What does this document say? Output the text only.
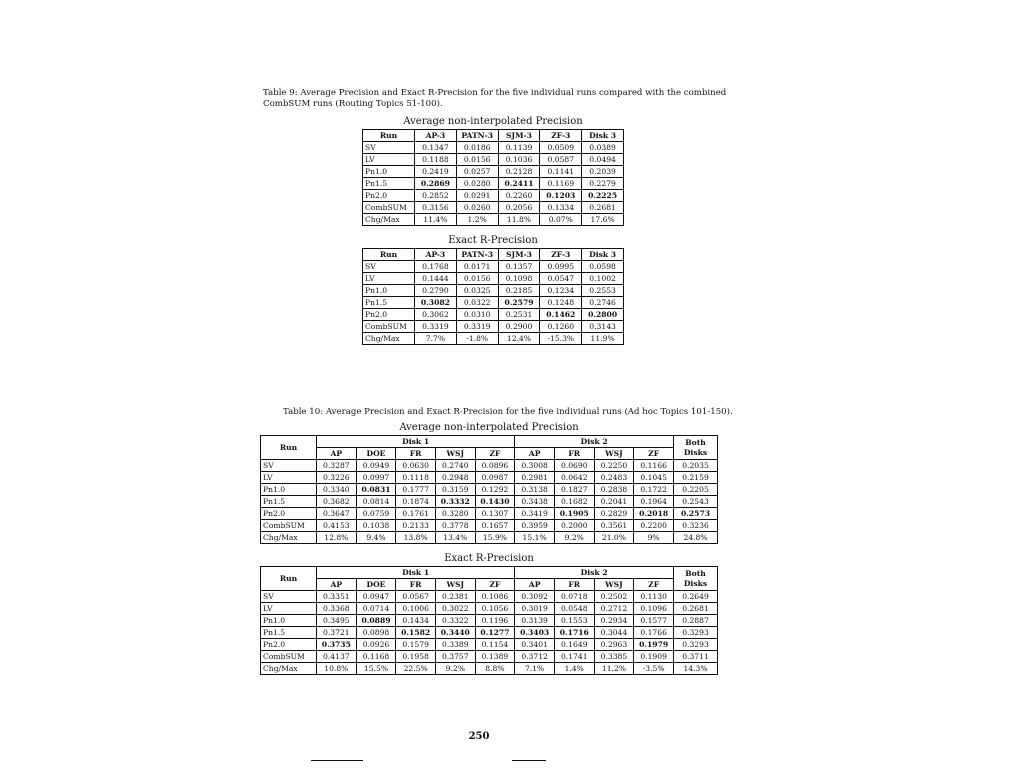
Table 9: Average Precision and Exact R-Precision for the five individual runs compared with the combined CombSUM runs (Routing Topics 51-100).
Average non-interpolated Precision
Run	AP-3	PATN-3	SJM-3	ZF-3	Disk 3
SV	0.1347	0.0186	0.1139	0.0509	0.0389
LV	0.1188	0.0156	0.1036	0.0587	0.0494
Pn1.0	0.2419	0.0257	0.2128	0.1141	0.2039
Pn1.5	0.2869	0.0280	0.2411	0.1169	0.2279
Pn2.0	0.2852	0.0291	0.2260	0.1203	0.2225
CombSUM	0.3156	0.0260	0.2056	0.1334	0.2681
Chg/Max	11.4%	1.2%	11.8%	0.07%	17.6%
Exact R-Precision
Run	AP-3	PATN-3	SJM-3	ZF-3	Disk 3
SV	0.1768	0.0171	0.1357	0.0995	0.0598
LV	0.1444	0.0156	0.1098	0.0547	0.1002
Pn1.0	0.2790	0.0325	0.2185	0.1234	0.2553
Pn1.5	0.3082	0.0322	0.2579	0.1248	0.2746
Pn2.0	0.3062	0.0310	0.2531	0.1462	0.2800
CombSUM	0.3319	0.3319	0.2900	0.1260	0.3143
Chg/Max	7.7%	-1.8%	12.4%	-15.3%	11.9%
Table 10: Average Precision and Exact R-Precision for the five individual runs (Ad hoc Topics 101-150).
Average non-interpolated Precision
Run	Disk 1					Disk 2				Both Disks
	AP	DOE	FR	WSJ	ZF	AP	FR	WSJ	ZF	
SV	0.3287	0.0949	0.0630	0.2740	0.0896	0.3008	0.0690	0.2250	0.1166	0.2035
LV	0.3226	0.0997	0.1118	0.2948	0.0987	0.2981	0.0642	0.2483	0.1045	0.2159
Pn1.0	0.3340	0.0831	0.1777	0.3159	0.1292	0.3138	0.1827	0.2838	0.1722	0.2205
Pn1.5	0.3682	0.0814	0.1874	0.3332	0.1430	0.3438	0.1682	0.2041	0.1964	0.2543
Pn2.0	0.3647	0.0759	0.1761	0.3280	0.1307	0.3419	0.1905	0.2829	0.2018	0.2573
CombSUM	0.4153	0.1038	0.2133	0.3778	0.1657	0.3959	0.2000	0.3561	0.2200	0.3236
Chg/Max	12.8%	9.4%	13.8%	13.4%	15.9%	15.1%	9.2%	21.0%	9%	24.8%
Exact R-Precision
Run	Disk 1					Disk 2				Both Disks
	AP	DOE	FR	WSJ	ZF	AP	FR	WSJ	ZF	
SV	0.3351	0.0947	0.0567	0.2381	0.1086	0.3092	0.0718	0.2502	0.1130	0.2649
LV	0.3368	0.0714	0.1006	0.3022	0.1056	0.3019	0.0548	0.2712	0.1096	0.2681
Pn1.0	0.3495	0.0889	0.1434	0.3322	0.1196	0.3139	0.1553	0.2934	0.1577	0.2887
Pn1.5	0.3721	0.0898	0.1582	0.3440	0.1277	0.3403	0.1716	0.3044	0.1766	0.3293
Pn2.0	0.3735	0.0926	0.1579	0.3389	0.1154	0.3401	0.1649	0.2963	0.1979	0.3293
CombSUM	0.4137	0.1168	0.1958	0.3757	0.1389	0.3712	0.1741	0.3385	0.1909	0.3711
Chg/Max	10.8%	15.5%	22.5%	9.2%	8.8%	7.1%	1.4%	11.2%	-3.5%	14.3%
250
